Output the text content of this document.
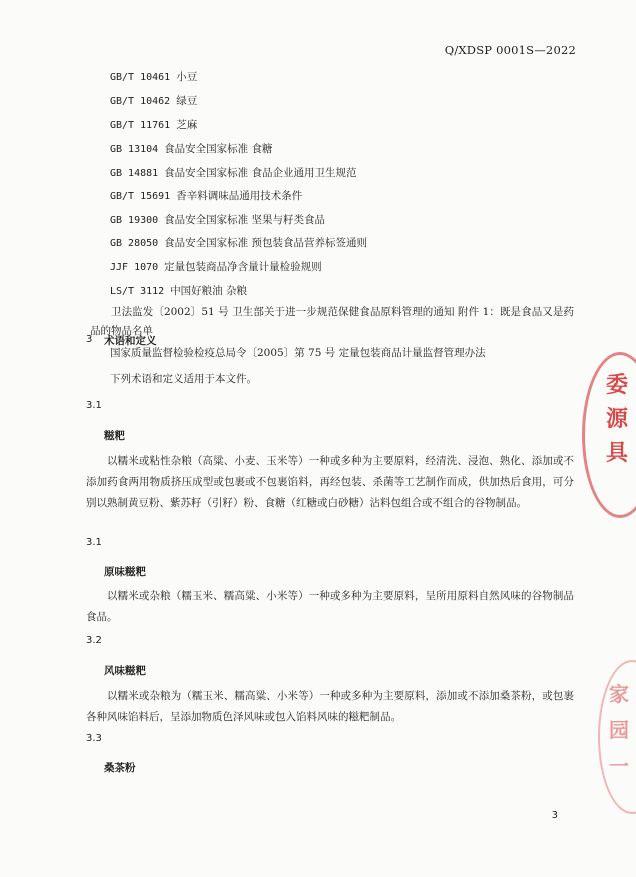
Q/XDSP 0001S—2022
GB/T 10461 小豆
GB/T 10462 绿豆
GB/T 11761 芝麻
GB 13104 食品安全国家标准 食糖
GB 14881 食品安全国家标准 食品企业通用卫生规范
GB/T 15691 香辛料调味品通用技术条件
GB 19300 食品安全国家标准 坚果与籽类食品
GB 28050 食品安全国家标准 预包装食品营养标签通则
JJF 1070 定量包装商品净含量计量检验规则
LS/T 3112 中国好粮油 杂粮
卫法监发〔2002〕51 号 卫生部关于进一步规范保健食品原料管理的通知 附件 1：既是食品又是药品的物品名单
国家质量监督检验检疫总局令〔2005〕第 75 号 定量包装商品计量监督管理办法
3 术语和定义
下列术语和定义适用于本文件。
3.1
糍粑
以糯米或粘性杂粮（高粱、小麦、玉米等）一种或多种为主要原料，经清洗、浸泡、熟化、添加或不添加药食两用物质挤压成型或包裹或不包裹馅料，再经包装、杀菌等工艺制作而成，供加热后食用，可分别以熟制黄豆粉、紫苏籽（引籽）粉、食糖（红糖或白砂糖）沾料包组合或不组合的谷物制品。
3.1
原味糍粑
以糯米或杂粮（糯玉米、糯高粱、小米等）一种或多种为主要原料，呈所用原料自然风味的谷物制品食品。
3.2
风味糍粑
以糯米或杂粮为（糯玉米、糯高粱、小米等）一种或多种为主要原料，添加或不添加桑茶粉，或包裹各种风味馅料后，呈添加物质色泽风味或包入馅料风味的糍粑制品。
3.3
桑茶粉
3
委
源
具
家
园
一
